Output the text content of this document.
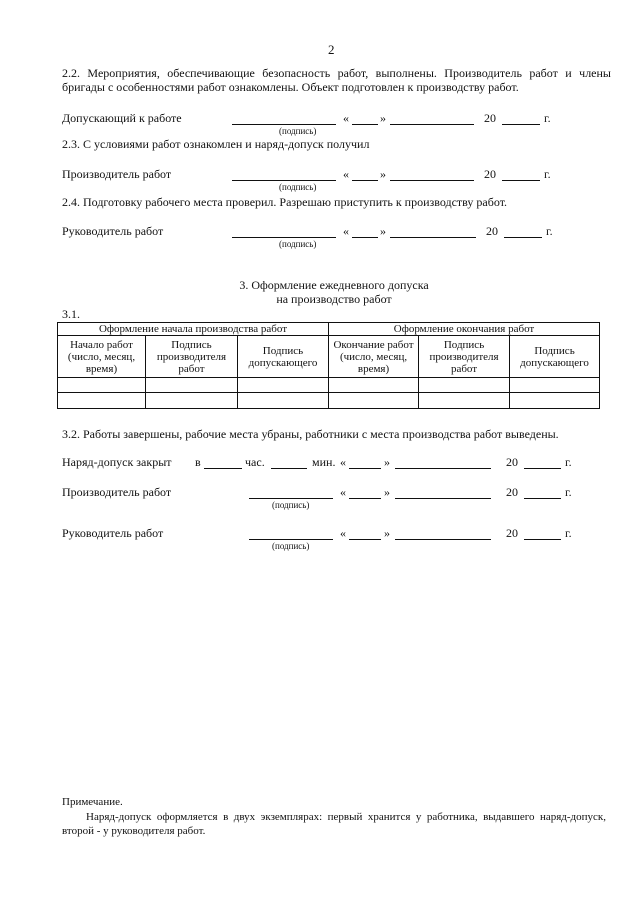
2
2.2. Мероприятия, обеспечивающие безопасность работ, выполнены. Производитель работ и члены бригады с особенностями работ ознакомлены. Объект подготовлен к производству работ.
Допускающий к работе
(подпись)
«	»	20	г.
2.3. С условиями работ ознакомлен и наряд-допуск получил
Производитель работ
(подпись)
«	»	20	г.
2.4. Подготовку рабочего места проверил. Разрешаю приступить к производству работ.
Руководитель работ
(подпись)
«	»	20	г.
3. Оформление ежедневного допуска
на производство работ
3.1.
Оформление начала производства работ			Оформление окончания работ		
Начало работ (число, месяц, время)	Подпись производителя работ	Подпись допускающего	Окончание работ (число, месяц, время)	Подпись производителя работ	Подпись допускающего

3.2. Работы завершены, рабочие места убраны, работники с места производства работ выведены.
Наряд-допуск закрыт в	час.	мин. «	»	20	г.
Производитель работ
(подпись)
«	»	20	г.
Руководитель работ
(подпись)
«	»	20	г.
Примечание.
Наряд-допуск оформляется в двух экземплярах: первый хранится у работника, выдавшего наряд-допуск, второй - у руководителя работ.
